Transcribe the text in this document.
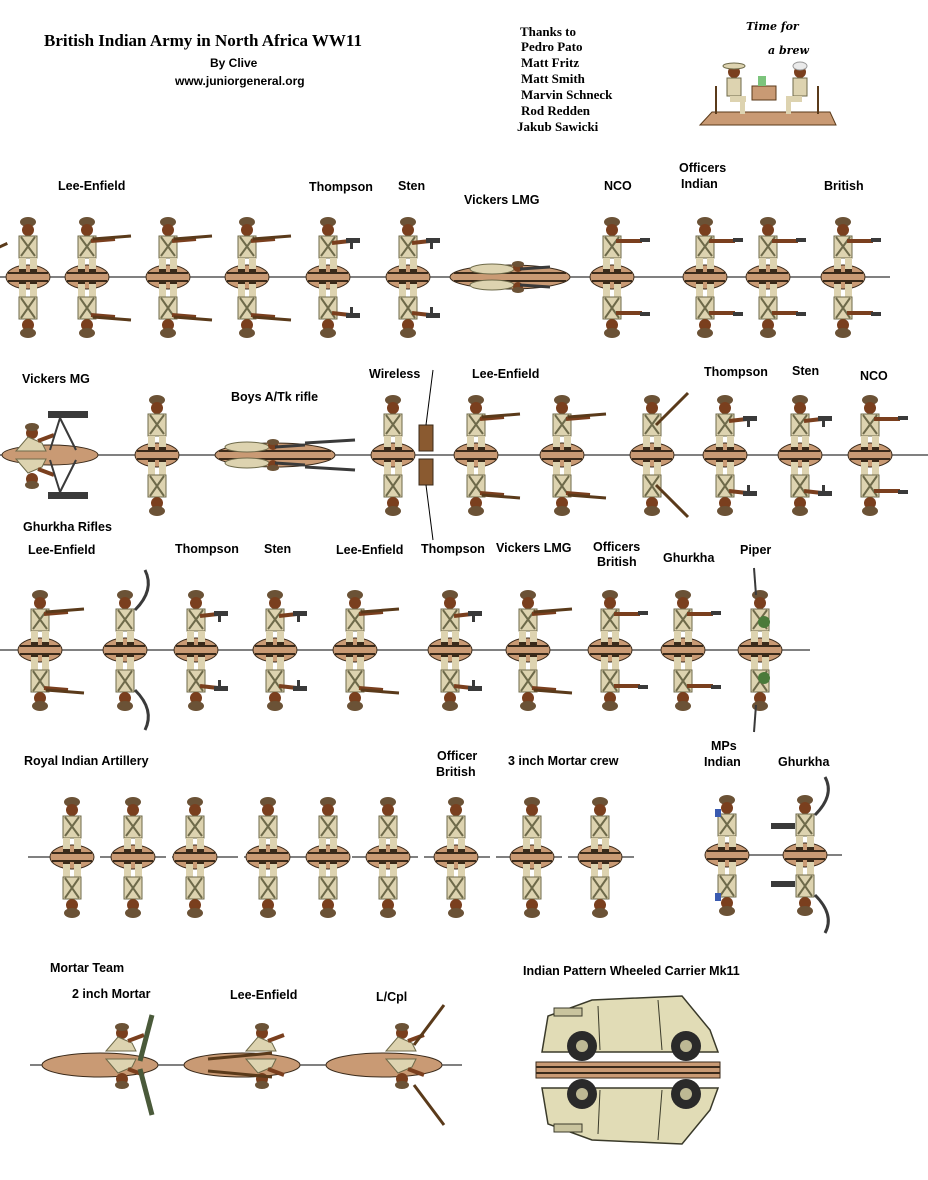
British Indian Army in North Africa WW11
By Clive
www.juniorgeneral.org
Thanks to
Pedro Pato
Matt Fritz
Matt Smith
Marvin Schneck
Rod Redden
Jakub Sawicki
Time for
a brew
Lee-Enfield	Thompson Sten
Vickers LMG
NCO
Officers
Indian	British
Vickers MG
Boys A/Tk rifle
Wireless	Lee-Enfield	Thompson Sten	NCO
Ghurkha Rifles
Lee-Enfield	Thompson Sten	Lee-Enfield Thompson Vickers LMG Officers
British Ghurkha
Piper
Royal Indian Artillery	Officer
British
3 inch Mortar crew
MPs
Indian	Ghurkha
Mortar Team
2 inch Mortar	Lee-Enfield	L/Cpl
Indian Pattern Wheeled Carrier Mk11
